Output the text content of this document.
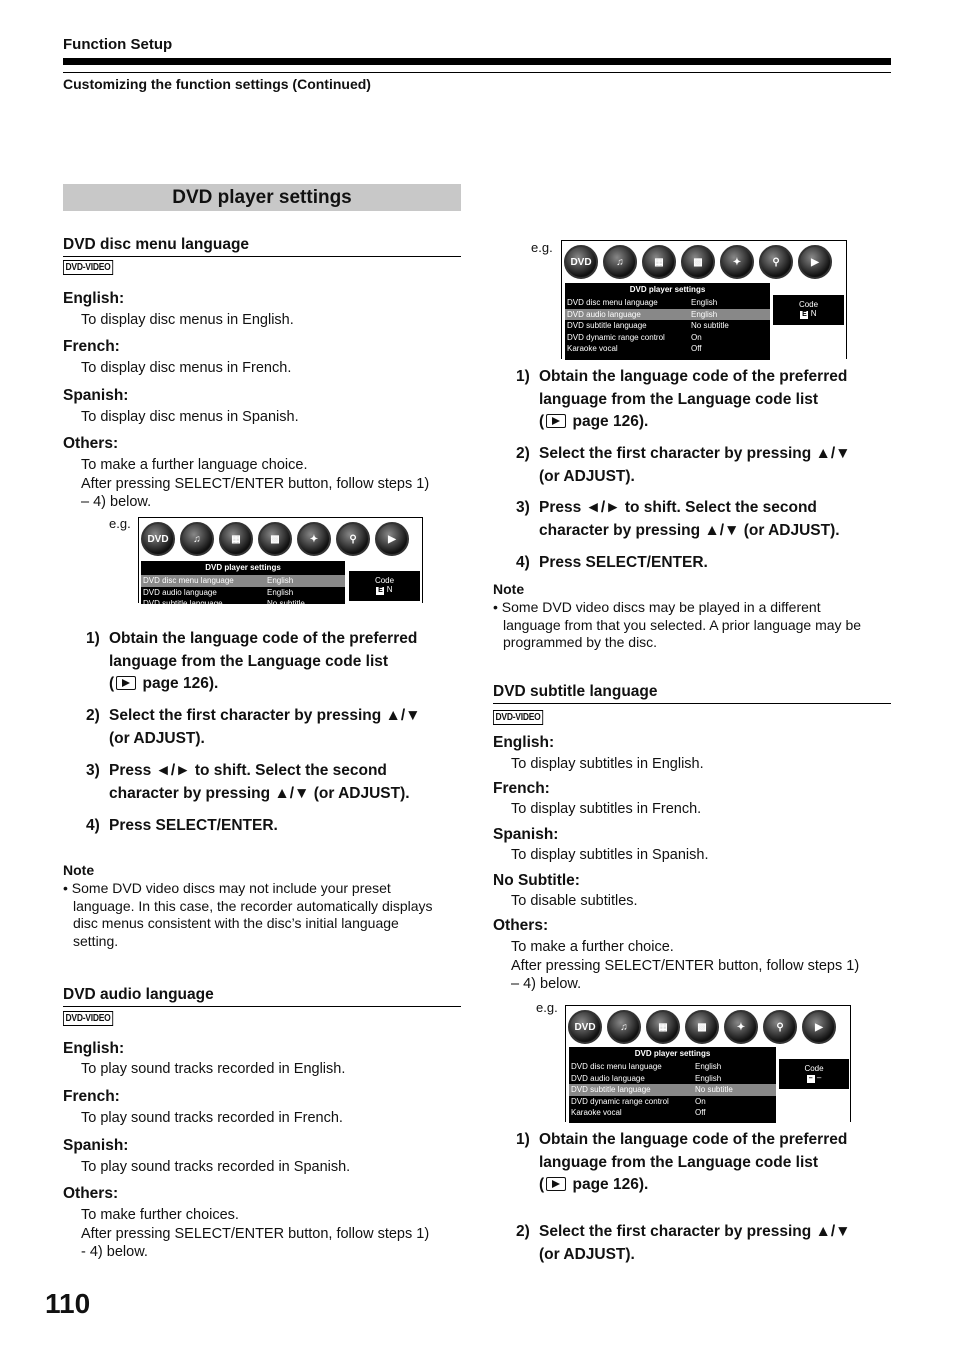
Function Setup
Customizing the function settings (Continued)
DVD player settings
DVD disc menu language
DVD-VIDEO
English:
To display disc menus in English.
French:
To display disc menus in French.
Spanish:
To display disc menus in Spanish.
Others:
To make a further language choice.
After pressing SELECT/ENTER button, follow steps 1)
– 4) below.
e.g.
DVD	♫	▦	▩	✦	⚲	▶
DVD player settings
DVD disc menu language	English
DVD audio language	English
DVD subtitle language	No subtitle
DVD dynamic range control	On
Code
E N
1) Obtain the language code of the preferred
language from the Language code list
( page 126).
2) Select the first character by pressing ▲/▼
(or ADJUST).
3) Press ◄/► to shift. Select the second
character by pressing ▲/▼ (or ADJUST).
4) Press SELECT/ENTER.
Note
• Some DVD video discs may not include your preset
language. In this case, the recorder automatically displays
disc menus consistent with the disc’s initial language
setting.
DVD audio language
DVD-VIDEO
English:
To play sound tracks recorded in English.
French:
To play sound tracks recorded in French.
Spanish:
To play sound tracks recorded in Spanish.
Others:
To make further choices.
After pressing SELECT/ENTER button, follow steps 1)
- 4) below.
110
e.g.
DVD	♫	▦	▩	✦	⚲	▶
DVD player settings
DVD disc menu language	English
DVD audio language	English
DVD subtitle language	No subtitle
DVD dynamic range control	On
Karaoke vocal	Off
Code
E N
1) Obtain the language code of the preferred
language from the Language code list
( page 126).
2) Select the first character by pressing ▲/▼
(or ADJUST).
3) Press ◄/► to shift. Select the second
character by pressing ▲/▼ (or ADJUST).
4) Press SELECT/ENTER.
Note
• Some DVD video discs may be played in a different
language from that you selected. A prior language may be
programmed by the disc.
DVD subtitle language
DVD-VIDEO
English:
To display subtitles in English.
French:
To display subtitles in French.
Spanish:
To display subtitles in Spanish.
No Subtitle:
To disable subtitles.
Others:
To make a further choice.
After pressing SELECT/ENTER button, follow steps 1)
– 4) below.
e.g.
DVD	♫	▦	▩	✦	⚲	▶
DVD player settings
DVD disc menu language	English
DVD audio language	English
DVD subtitle language	No subtitle
DVD dynamic range control	On
Karaoke vocal	Off
Code
– –
1) Obtain the language code of the preferred
language from the Language code list
( page 126).
2) Select the first character by pressing ▲/▼
(or ADJUST).
